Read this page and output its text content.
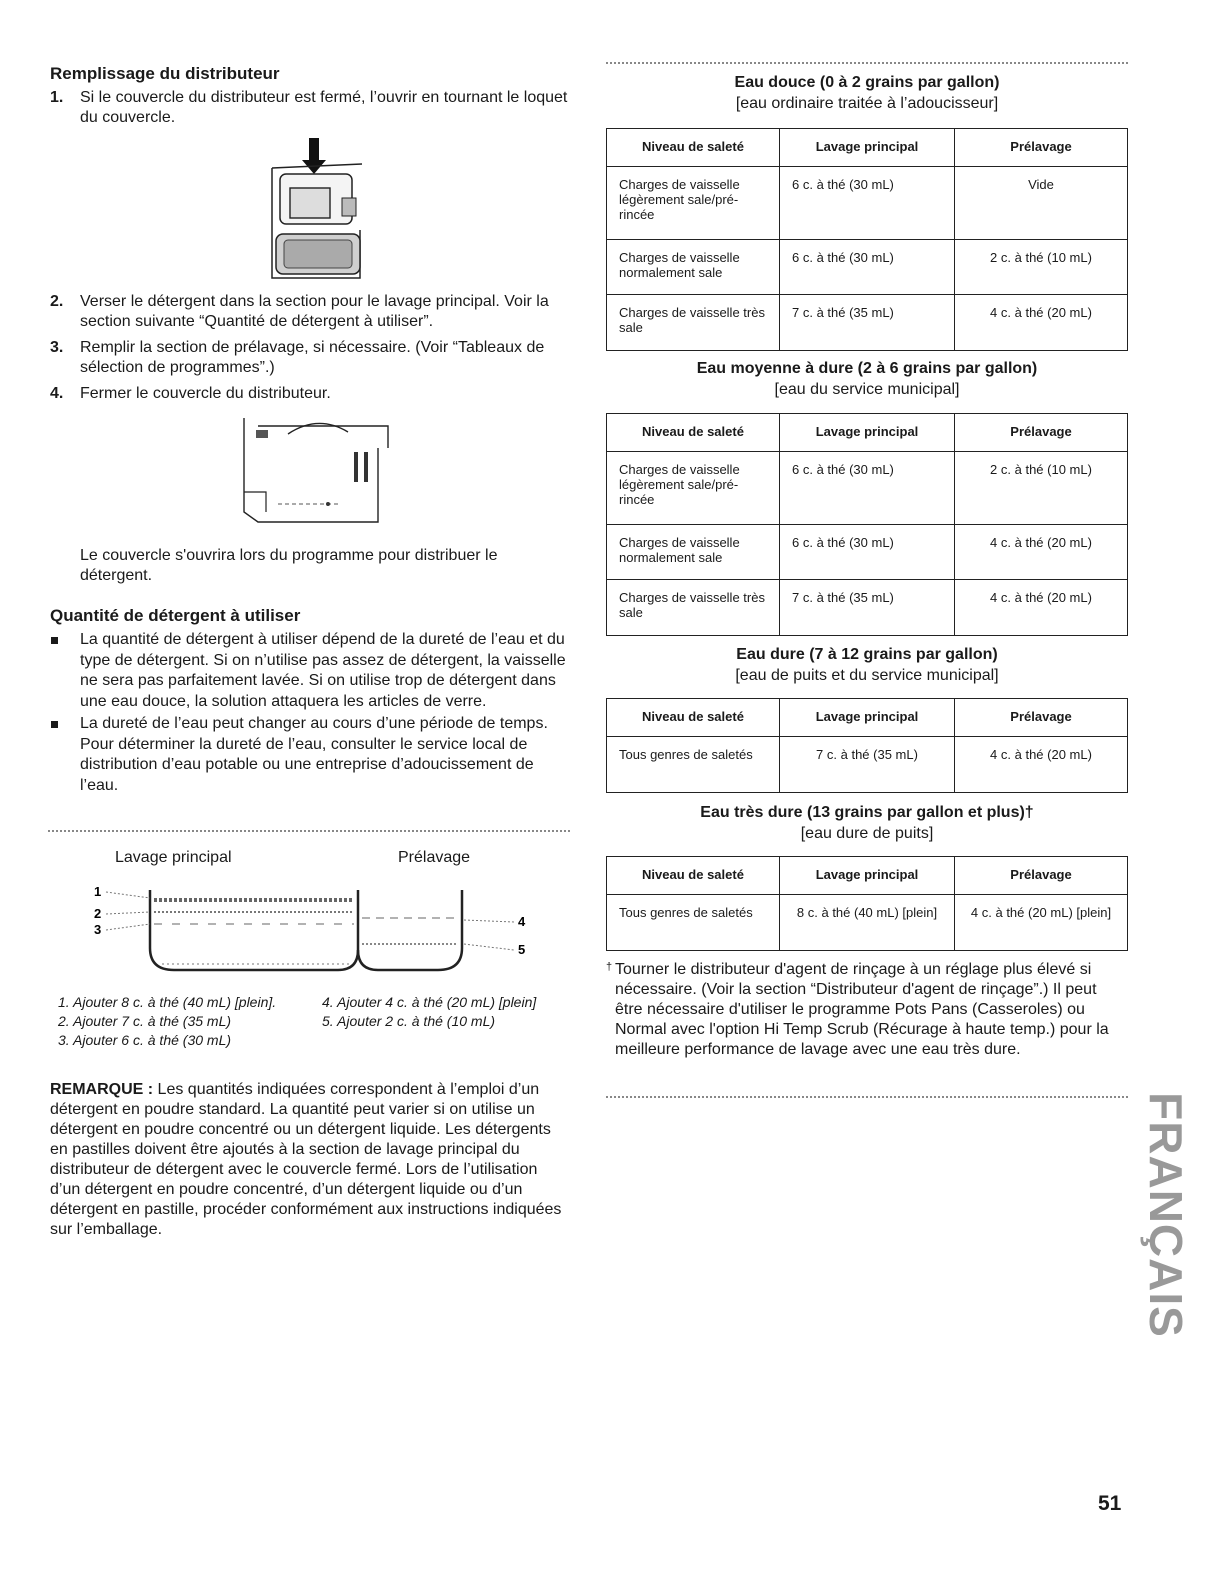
Remplissage du distributeur
1.	Si le couvercle du distributeur est fermé, l’ouvrir en tournant le loquet du couvercle.
2.	Verser le détergent dans la section pour le lavage principal. Voir la section suivante “Quantité de détergent à utiliser”.
3.	Remplir la section de prélavage, si nécessaire. (Voir “Tableaux de sélection de programmes”.)
4.	Fermer le couvercle du distributeur.
Le couvercle s'ouvrira lors du programme pour distribuer le détergent.
Quantité de détergent à utiliser
La quantité de détergent à utiliser dépend de la dureté de l’eau et du type de détergent. Si on n’utilise pas assez de détergent, la vaisselle ne sera pas parfaitement lavée. Si on utilise trop de détergent dans une eau douce, la solution attaquera les articles de verre.
La dureté de l’eau peut changer au cours d’une période de temps. Pour déterminer la dureté de l’eau, consulter le service local de distribution d’eau potable ou une entreprise d’adoucissement de l’eau.
Lavage principal	Prélavage
1
2
3
4
5
1. Ajouter 8 c. à thé (40 mL) [plein].
2. Ajouter 7 c. à thé (35 mL)
3. Ajouter 6 c. à thé (30 mL)
4. Ajouter 4 c. à thé (20 mL) [plein]
5. Ajouter 2 c. à thé (10 mL)
REMARQUE : Les quantités indiquées correspondent à l’emploi d’un détergent en poudre standard. La quantité peut varier si on utilise un détergent en poudre concentré ou un détergent liquide. Les détergents en pastilles doivent être ajoutés à la section de lavage principal du distributeur de détergent avec le couvercle fermé. Lors de l’utilisation d’un détergent en poudre concentré, d’un détergent liquide ou d’un détergent en pastille, procéder conformément aux instructions indiquées sur l’emballage.
Eau douce (0 à 2 grains par gallon)
[eau ordinaire traitée à l’adoucisseur]
Niveau de saleté	Lavage principal	Prélavage
Charges de vaisselle légèrement sale/pré-rincée	6 c. à thé (30 mL)	Vide
Charges de vaisselle normalement sale	6 c. à thé (30 mL)	2 c. à thé (10 mL)
Charges de vaisselle très sale	7 c. à thé (35 mL)	4 c. à thé (20 mL)
Eau moyenne à dure (2 à 6 grains par gallon)
[eau du service municipal]
Niveau de saleté	Lavage principal	Prélavage
Charges de vaisselle légèrement sale/pré-rincée	6 c. à thé (30 mL)	2 c. à thé (10 mL)
Charges de vaisselle normalement sale	6 c. à thé (30 mL)	4 c. à thé (20 mL)
Charges de vaisselle très sale	7 c. à thé (35 mL)	4 c. à thé (20 mL)
Eau dure (7 à 12 grains par gallon)
[eau de puits et du service municipal]
Niveau de saleté	Lavage principal	Prélavage
Tous genres de saletés	7 c. à thé (35 mL)	4 c. à thé (20 mL)
Eau très dure (13 grains par gallon et plus)†
[eau dure de puits]
Niveau de saleté	Lavage principal	Prélavage
Tous genres de saletés	8 c. à thé (40 mL) [plein]	4 c. à thé (20 mL) [plein]
† Tourner le distributeur d'agent de rinçage à un réglage plus élevé si nécessaire. (Voir la section “Distributeur d'agent de rinçage”.) Il peut être nécessaire d'utiliser le programme Pots Pans (Casseroles) ou Normal avec l'option Hi Temp Scrub (Récurage à haute temp.) pour la meilleure performance de lavage avec une eau très dure.
FRANÇAIS
51
